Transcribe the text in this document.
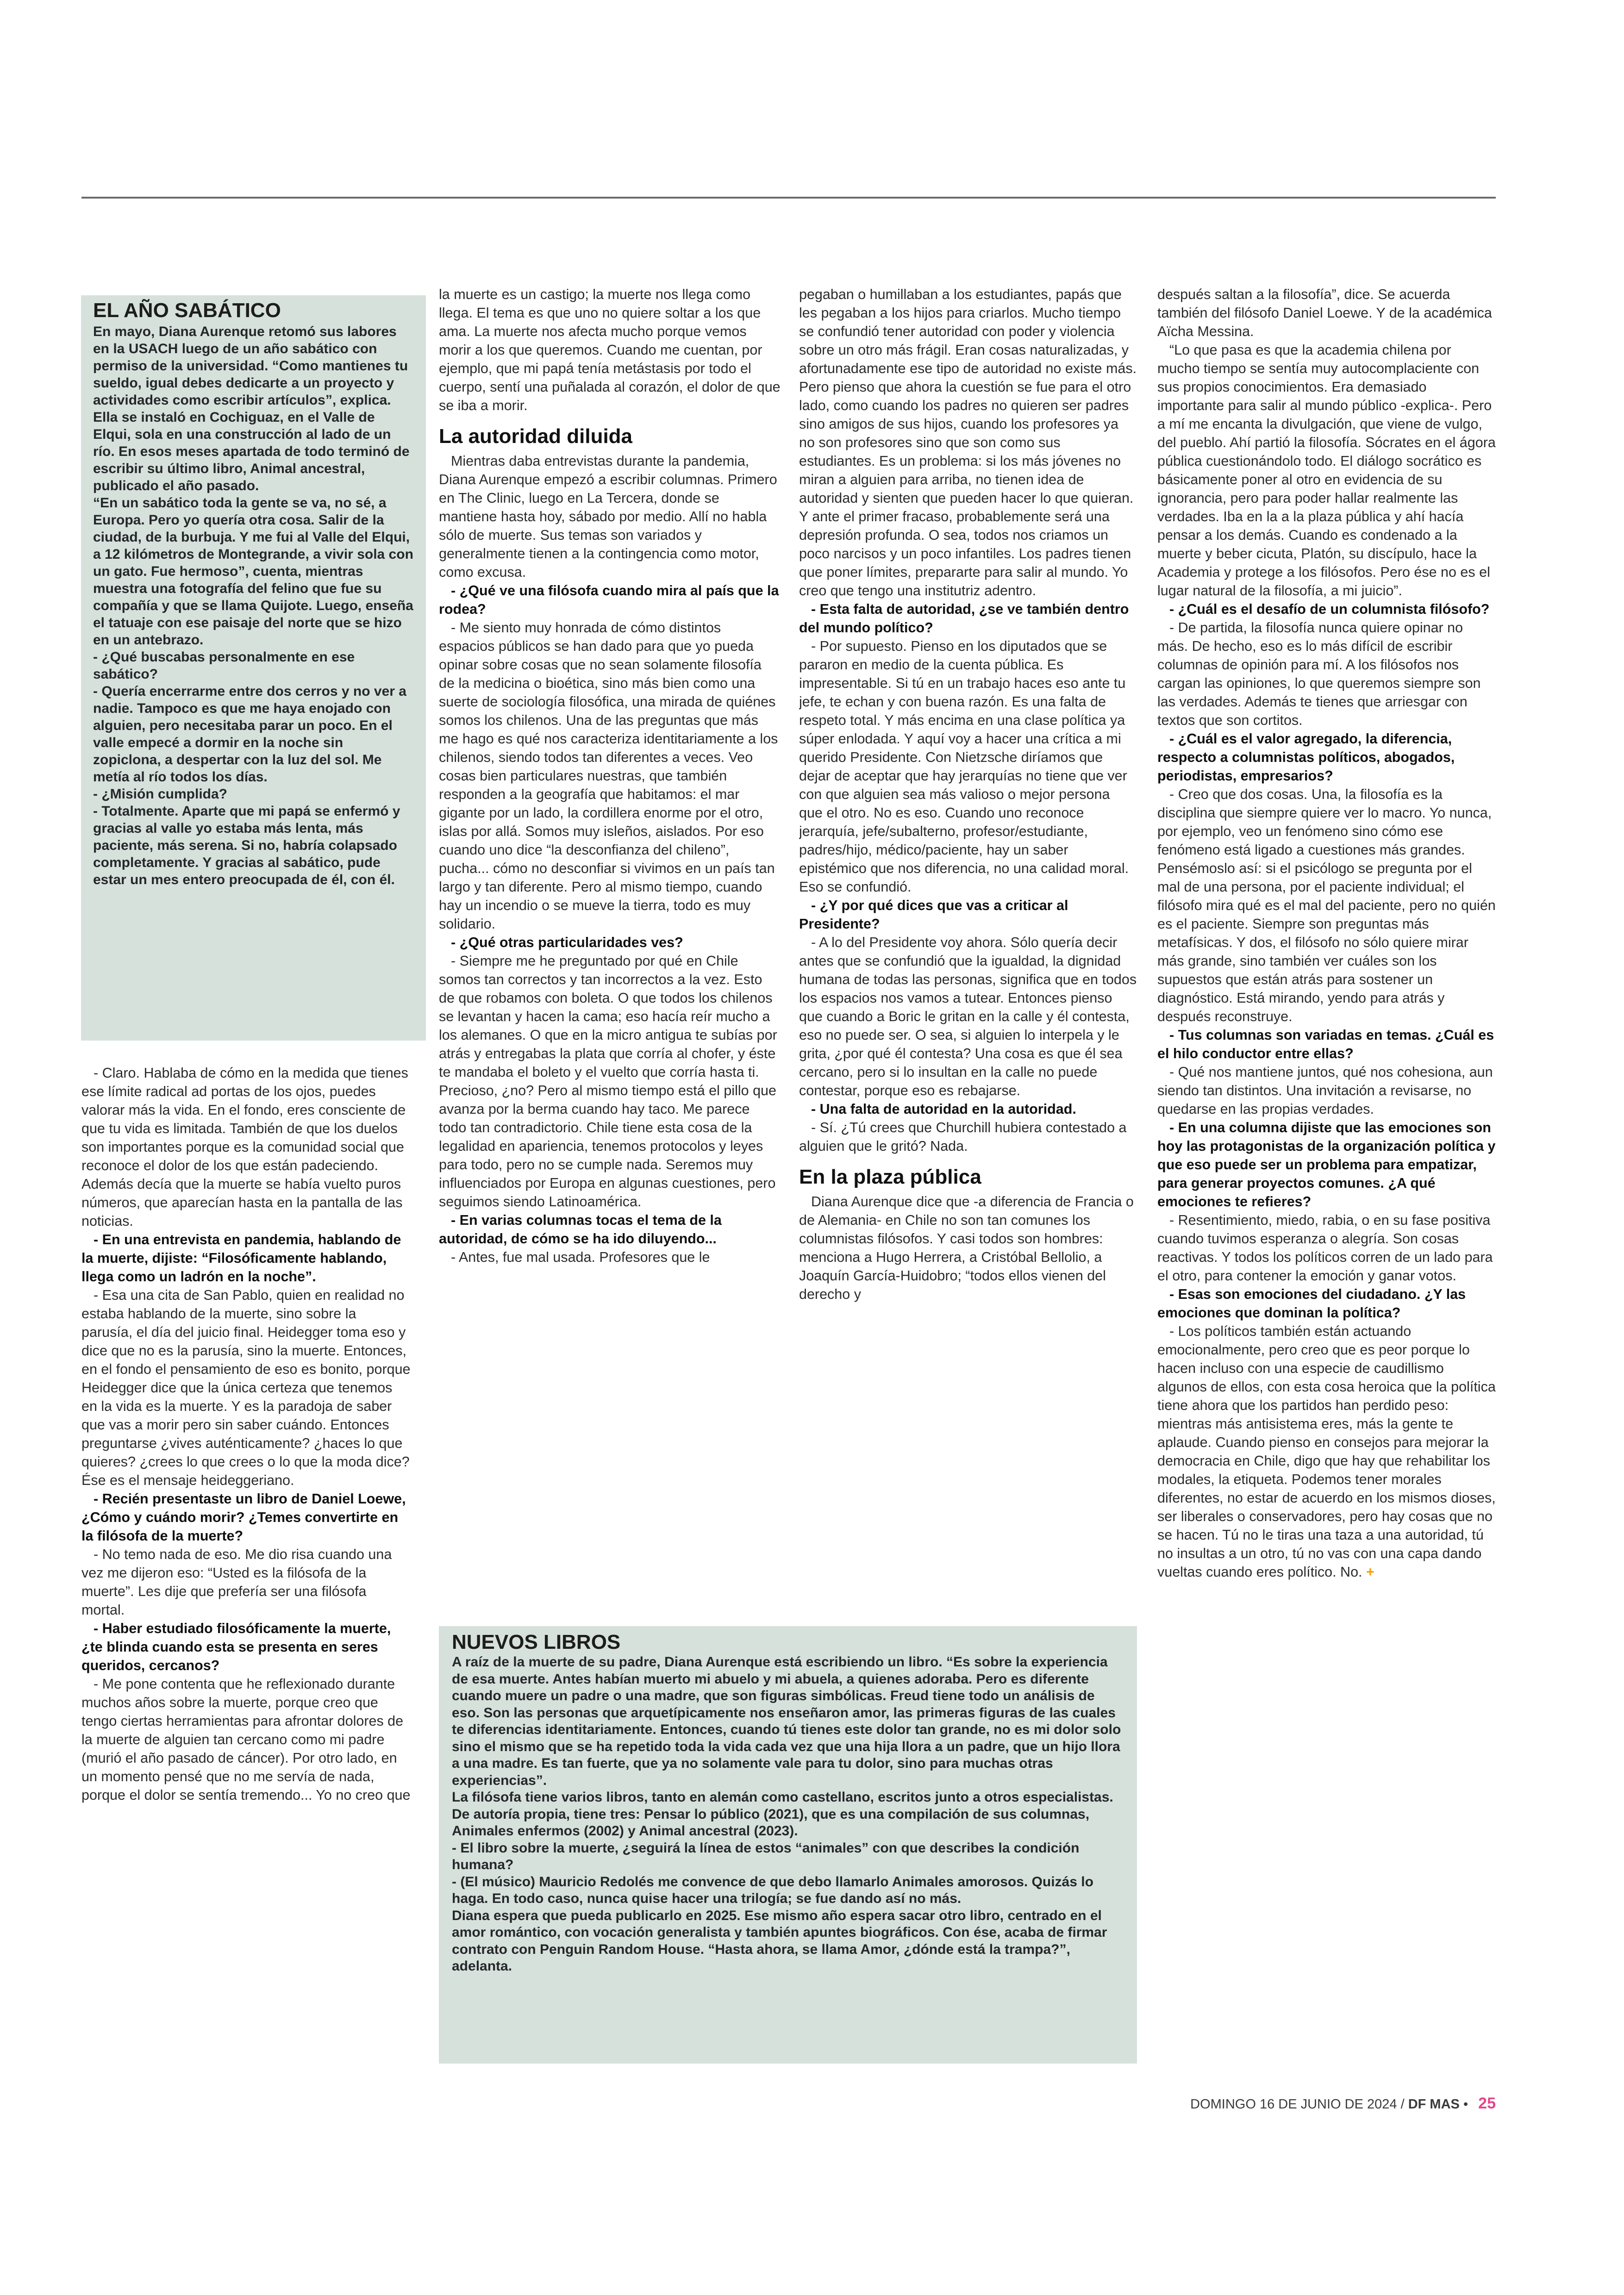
EL AÑO SABÁTICO

En mayo, Diana Aurenque retomó sus labores en la USACH luego de un año sabático con permiso de la universidad. “Como mantienes tu sueldo, igual debes dedicarte a un proyecto y actividades como escribir artículos”, explica. Ella se instaló en Cochiguaz, en el Valle de Elqui, sola en una construcción al lado de un río. En esos meses apartada de todo terminó de escribir su último libro, Animal ancestral, publicado el año pasado.

“En un sabático toda la gente se va, no sé, a Europa. Pero yo quería otra cosa. Salir de la ciudad, de la burbuja. Y me fui al Valle del Elqui, a 12 kilómetros de Montegrande, a vivir sola con un gato. Fue hermoso”, cuenta, mientras muestra una fotografía del felino que fue su compañía y que se llama Quijote. Luego, enseña el tatuaje con ese paisaje del norte que se hizo en un antebrazo.

- ¿Qué buscabas personalmente en ese sabático?

- Quería encerrarme entre dos cerros y no ver a nadie. Tampoco es que me haya enojado con alguien, pero necesitaba parar un poco. En el valle empecé a dormir en la noche sin zopiclona, a despertar con la luz del sol. Me metía al río todos los días.

- ¿Misión cumplida?

- Totalmente. Aparte que mi papá se enfermó y gracias al valle yo estaba más lenta, más paciente, más serena. Si no, habría colapsado completamente. Y gracias al sabático, pude estar un mes entero preocupada de él, con él.

- Claro. Hablaba de cómo en la medida que tienes ese límite radical ad portas de los ojos, puedes valorar más la vida. En el fondo, eres consciente de que tu vida es limitada. También de que los duelos son importantes porque es la comunidad social que reconoce el dolor de los que están padeciendo. Además decía que la muerte se había vuelto puros números, que aparecían hasta en la pantalla de las noticias.

- En una entrevista en pandemia, hablando de la muerte, dijiste: “Filosóficamente hablando, llega como un ladrón en la noche”.

- Esa una cita de San Pablo, quien en realidad no estaba hablando de la muerte, sino sobre la parusía, el día del juicio final. Heidegger toma eso y dice que no es la parusía, sino la muerte. Entonces, en el fondo el pensamiento de eso es bonito, porque Heidegger dice que la única certeza que tenemos en la vida es la muerte. Y es la paradoja de saber que vas a morir pero sin saber cuándo. Entonces preguntarse ¿vives auténticamente? ¿haces lo que quieres? ¿crees lo que crees o lo que la moda dice? Ése es el mensaje heideggeriano.

- Recién presentaste un libro de Daniel Loewe, ¿Cómo y cuándo morir? ¿Temes convertirte en la filósofa de la muerte?

- No temo nada de eso. Me dio risa cuando una vez me dijeron eso: “Usted es la filósofa de la muerte”. Les dije que prefería ser una filósofa mortal.

- Haber estudiado filosóficamente la muerte, ¿te blinda cuando esta se presenta en seres queridos, cercanos?

- Me pone contenta que he reflexionado durante muchos años sobre la muerte, porque creo que tengo ciertas herramientas para afrontar dolores de la muerte de alguien tan cercano como mi padre (murió el año pasado de cáncer). Por otro lado, en un momento pensé que no me servía de nada, porque el dolor se sentía tremendo... Yo no creo que

la muerte es un castigo; la muerte nos llega como llega. El tema es que uno no quiere soltar a los que ama. La muerte nos afecta mucho porque vemos morir a los que queremos. Cuando me cuentan, por ejemplo, que mi papá tenía metástasis por todo el cuerpo, sentí una puñalada al corazón, el dolor de que se iba a morir.

La autoridad diluida

Mientras daba entrevistas durante la pandemia, Diana Aurenque empezó a escribir columnas. Primero en The Clinic, luego en La Tercera, donde se mantiene hasta hoy, sábado por medio. Allí no habla sólo de muerte. Sus temas son variados y generalmente tienen a la contingencia como motor, como excusa.

- ¿Qué ve una filósofa cuando mira al país que la rodea?

- Me siento muy honrada de cómo distintos espacios públicos se han dado para que yo pueda opinar sobre cosas que no sean solamente filosofía de la medicina o bioética, sino más bien como una suerte de sociología filosófica, una mirada de quiénes somos los chilenos. Una de las preguntas que más me hago es qué nos caracteriza identitariamente a los chilenos, siendo todos tan diferentes a veces. Veo cosas bien particulares nuestras, que también responden a la geografía que habitamos: el mar gigante por un lado, la cordillera enorme por el otro, islas por allá. Somos muy isleños, aislados. Por eso cuando uno dice “la desconfianza del chileno”, pucha... cómo no desconfiar si vivimos en un país tan largo y tan diferente. Pero al mismo tiempo, cuando hay un incendio o se mueve la tierra, todo es muy solidario.

- ¿Qué otras particularidades ves?

- Siempre me he preguntado por qué en Chile somos tan correctos y tan incorrectos a la vez. Esto de que robamos con boleta. O que todos los chilenos se levantan y hacen la cama; eso hacía reír mucho a los alemanes. O que en la micro antigua te subías por atrás y entregabas la plata que corría al chofer, y éste te mandaba el boleto y el vuelto que corría hasta ti. Precioso, ¿no? Pero al mismo tiempo está el pillo que avanza por la berma cuando hay taco. Me parece todo tan contradictorio. Chile tiene esta cosa de la legalidad en apariencia, tenemos protocolos y leyes para todo, pero no se cumple nada. Seremos muy influenciados por Europa en algunas cuestiones, pero seguimos siendo Latinoamérica.

- En varias columnas tocas el tema de la autoridad, de cómo se ha ido diluyendo...

- Antes, fue mal usada. Profesores que le

pegaban o humillaban a los estudiantes, papás que les pegaban a los hijos para criarlos. Mucho tiempo se confundió tener autoridad con poder y violencia sobre un otro más frágil. Eran cosas naturalizadas, y afortunadamente ese tipo de autoridad no existe más. Pero pienso que ahora la cuestión se fue para el otro lado, como cuando los padres no quieren ser padres sino amigos de sus hijos, cuando los profesores ya no son profesores sino que son como sus estudiantes. Es un problema: si los más jóvenes no miran a alguien para arriba, no tienen idea de autoridad y sienten que pueden hacer lo que quieran. Y ante el primer fracaso, probablemente será una depresión profunda. O sea, todos nos criamos un poco narcisos y un poco infantiles. Los padres tienen que poner límites, prepararte para salir al mundo. Yo creo que tengo una institutriz adentro.

- Esta falta de autoridad, ¿se ve también dentro del mundo político?

- Por supuesto. Pienso en los diputados que se pararon en medio de la cuenta pública. Es impresentable. Si tú en un trabajo haces eso ante tu jefe, te echan y con buena razón. Es una falta de respeto total. Y más encima en una clase política ya súper enlodada. Y aquí voy a hacer una crítica a mi querido Presidente. Con Nietzsche diríamos que dejar de aceptar que hay jerarquías no tiene que ver con que alguien sea más valioso o mejor persona que el otro. No es eso. Cuando uno reconoce jerarquía, jefe/subalterno, profesor/estudiante, padres/hijo, médico/paciente, hay un saber epistémico que nos diferencia, no una calidad moral. Eso se confundió.

- ¿Y por qué dices que vas a criticar al Presidente?

- A lo del Presidente voy ahora. Sólo quería decir antes que se confundió que la igualdad, la dignidad humana de todas las personas, significa que en todos los espacios nos vamos a tutear. Entonces pienso que cuando a Boric le gritan en la calle y él contesta, eso no puede ser. O sea, si alguien lo interpela y le grita, ¿por qué él contesta? Una cosa es que él sea cercano, pero si lo insultan en la calle no puede contestar, porque eso es rebajarse.

- Una falta de autoridad en la autoridad.

- Sí. ¿Tú crees que Churchill hubiera contestado a alguien que le gritó? Nada.

En la plaza pública

Diana Aurenque dice que -a diferencia de Francia o de Alemania- en Chile no son tan comunes los columnistas filósofos. Y casi todos son hombres: menciona a Hugo Herrera, a Cristóbal Bellolio, a Joaquín García-Huidobro; “todos ellos vienen del derecho y

después saltan a la filosofía”, dice. Se acuerda también del filósofo Daniel Loewe. Y de la académica Aïcha Messina.

“Lo que pasa es que la academia chilena por mucho tiempo se sentía muy autocomplaciente con sus propios conocimientos. Era demasiado importante para salir al mundo público -explica-. Pero a mí me encanta la divulgación, que viene de vulgo, del pueblo. Ahí partió la filosofía. Sócrates en el ágora pública cuestionándolo todo. El diálogo socrático es básicamente poner al otro en evidencia de su ignorancia, pero para poder hallar realmente las verdades. Iba en la a la plaza pública y ahí hacía pensar a los demás. Cuando es condenado a la muerte y beber cicuta, Platón, su discípulo, hace la Academia y protege a los filósofos. Pero ése no es el lugar natural de la filosofía, a mi juicio”.

- ¿Cuál es el desafío de un columnista filósofo?

- De partida, la filosofía nunca quiere opinar no más. De hecho, eso es lo más difícil de escribir columnas de opinión para mí. A los filósofos nos cargan las opiniones, lo que queremos siempre son las verdades. Además te tienes que arriesgar con textos que son cortitos.

- ¿Cuál es el valor agregado, la diferencia, respecto a columnistas políticos, abogados, periodistas, empresarios?

- Creo que dos cosas. Una, la filosofía es la disciplina que siempre quiere ver lo macro. Yo nunca, por ejemplo, veo un fenómeno sino cómo ese fenómeno está ligado a cuestiones más grandes. Pensémoslo así: si el psicólogo se pregunta por el mal de una persona, por el paciente individual; el filósofo mira qué es el mal del paciente, pero no quién es el paciente. Siempre son preguntas más metafísicas. Y dos, el filósofo no sólo quiere mirar más grande, sino también ver cuáles son los supuestos que están atrás para sostener un diagnóstico. Está mirando, yendo para atrás y después reconstruye.

- Tus columnas son variadas en temas. ¿Cuál es el hilo conductor entre ellas?

- Qué nos mantiene juntos, qué nos cohesiona, aun siendo tan distintos. Una invitación a revisarse, no quedarse en las propias verdades.

- En una columna dijiste que las emociones son hoy las protagonistas de la organización política y que eso puede ser un problema para empatizar, para generar proyectos comunes. ¿A qué emociones te refieres?

- Resentimiento, miedo, rabia, o en su fase positiva cuando tuvimos esperanza o alegría. Son cosas reactivas. Y todos los políticos corren de un lado para el otro, para contener la emoción y ganar votos.

- Esas son emociones del ciudadano. ¿Y las emociones que dominan la política?

- Los políticos también están actuando emocionalmente, pero creo que es peor porque lo hacen incluso con una especie de caudillismo algunos de ellos, con esta cosa heroica que la política tiene ahora que los partidos han perdido peso: mientras más antisistema eres, más la gente te aplaude. Cuando pienso en consejos para mejorar la democracia en Chile, digo que hay que rehabilitar los modales, la etiqueta. Podemos tener morales diferentes, no estar de acuerdo en los mismos dioses, ser liberales o conservadores, pero hay cosas que no se hacen. Tú no le tiras una taza a una autoridad, tú no insultas a un otro, tú no vas con una capa dando vueltas cuando eres político. No. +

NUEVOS LIBROS

A raíz de la muerte de su padre, Diana Aurenque está escribiendo un libro. “Es sobre la experiencia de esa muerte. Antes habían muerto mi abuelo y mi abuela, a quienes adoraba. Pero es diferente cuando muere un padre o una madre, que son figuras simbólicas. Freud tiene todo un análisis de eso. Son las personas que arquetípicamente nos enseñaron amor, las primeras figuras de las cuales te diferencias identitariamente. Entonces, cuando tú tienes este dolor tan grande, no es mi dolor solo sino el mismo que se ha repetido toda la vida cada vez que una hija llora a un padre, que un hijo llora a una madre. Es tan fuerte, que ya no solamente vale para tu dolor, sino para muchas otras experiencias”.

La filósofa tiene varios libros, tanto en alemán como castellano, escritos junto a otros especialistas. De autoría propia, tiene tres: Pensar lo público (2021), que es una compilación de sus columnas, Animales enfermos (2002) y Animal ancestral (2023).

- El libro sobre la muerte, ¿seguirá la línea de estos “animales” con que describes la condición humana?

- (El músico) Mauricio Redolés me convence de que debo llamarlo Animales amorosos. Quizás lo haga. En todo caso, nunca quise hacer una trilogía; se fue dando así no más.

Diana espera que pueda publicarlo en 2025. Ese mismo año espera sacar otro libro, centrado en el amor romántico, con vocación generalista y también apuntes biográficos. Con ése, acaba de firmar contrato con Penguin Random House. “Hasta ahora, se llama Amor, ¿dónde está la trampa?”, adelanta.

DOMINGO 16 DE JUNIO DE 2024 / DF MAS • 25
